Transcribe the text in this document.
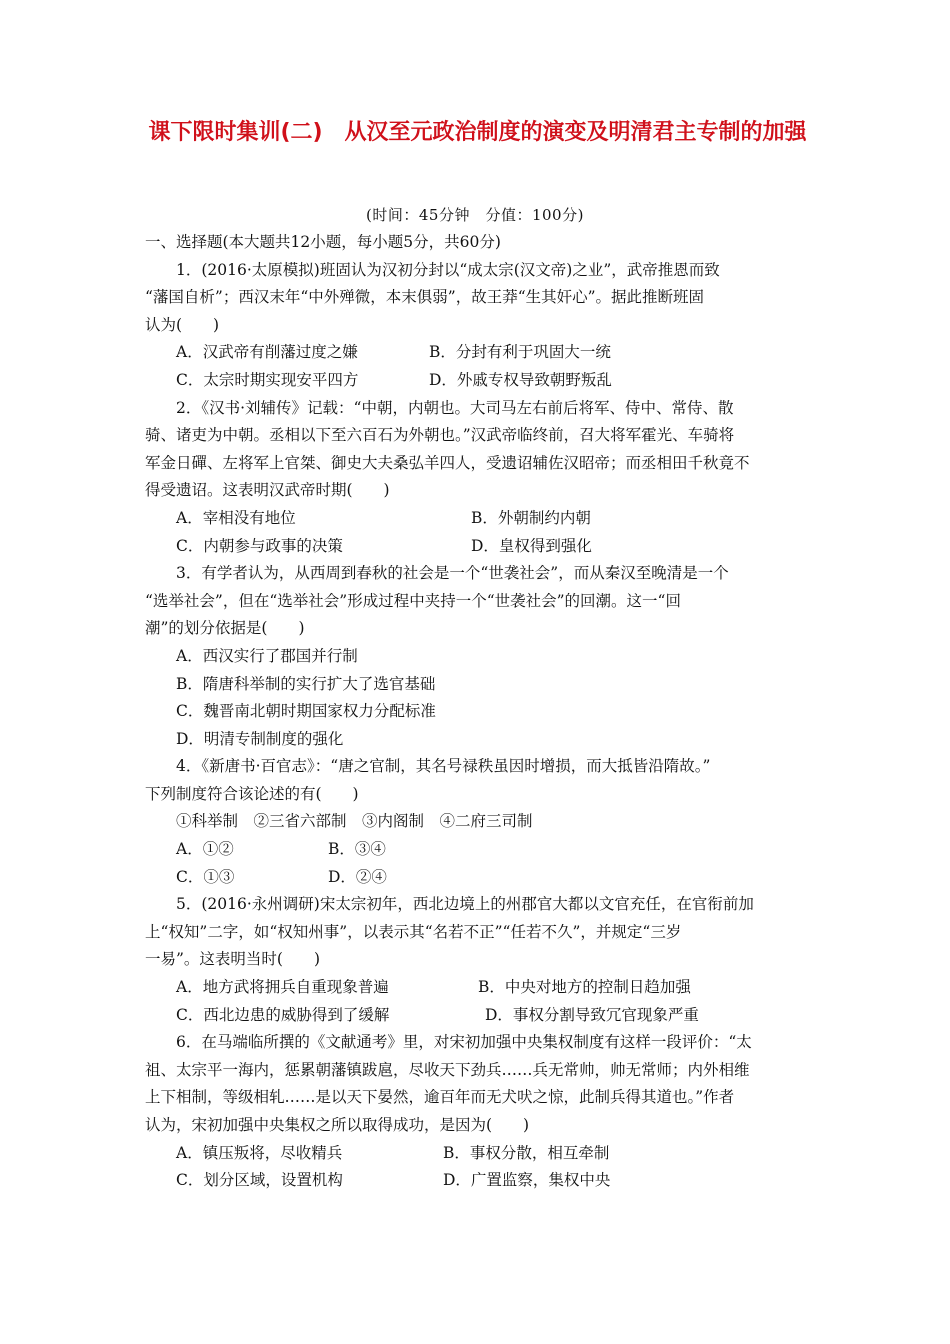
课下限时集训(二)　从汉至元政治制度的演变及明清君主专制的加强
(时间：45分钟　分值：100分)
一、选择题(本大题共12小题，每小题5分，共60分)
1．(2016·太原模拟)班固认为汉初分封以“成太宗(汉文帝)之业”，武帝推恩而致
“藩国自析”；西汉末年“中外殚微，本末俱弱”，故王莽“生其奸心”。据此推断班固
认为(　　)
A．汉武帝有削藩过度之嫌	B．分封有利于巩固大一统
C．太宗时期实现安平四方	D．外戚专权导致朝野叛乱
2．《汉书·刘辅传》记载：“中朝，内朝也。大司马左右前后将军、侍中、常侍、散
骑、诸吏为中朝。丞相以下至六百石为外朝也。”汉武帝临终前，召大将军霍光、车骑将
军金日磾、左将军上官桀、御史大夫桑弘羊四人，受遗诏辅佐汉昭帝；而丞相田千秋竟不
得受遗诏。这表明汉武帝时期(　　)
A．宰相没有地位	B．外朝制约内朝
C．内朝参与政事的决策	D．皇权得到强化
3．有学者认为，从西周到春秋的社会是一个“世袭社会”，而从秦汉至晚清是一个
“选举社会”，但在“选举社会”形成过程中夹持一个“世袭社会”的回潮。这一“回
潮”的划分依据是(　　)
A．西汉实行了郡国并行制
B．隋唐科举制的实行扩大了选官基础
C．魏晋南北朝时期国家权力分配标准
D．明清专制制度的强化
4．《新唐书·百官志》：“唐之官制，其名号禄秩虽因时增损，而大抵皆沿隋故。”
下列制度符合该论述的有(　　)
①科举制　②三省六部制　③内阁制　④二府三司制
A．①②	B．③④
C．①③	D．②④
5．(2016·永州调研)宋太宗初年，西北边境上的州郡官大都以文官充任，在官衔前加
上“权知”二字，如“权知州事”，以表示其“名若不正”“任若不久”，并规定“三岁
一易”。这表明当时(　　)
A．地方武将拥兵自重现象普遍	B．中央对地方的控制日趋加强
C．西北边患的威胁得到了缓解	D．事权分割导致冗官现象严重
6．在马端临所撰的《文献通考》里，对宋初加强中央集权制度有这样一段评价：“太
祖、太宗平一海内，惩累朝藩镇跋扈，尽收天下劲兵……兵无常帅，帅无常师；内外相维
上下相制，等级相轧……是以天下晏然，逾百年而无犬吠之惊，此制兵得其道也。”作者
认为，宋初加强中央集权之所以取得成功，是因为(　　)
A．镇压叛将，尽收精兵	B．事权分散，相互牵制
C．划分区域，设置机构	D．广置监察，集权中央
